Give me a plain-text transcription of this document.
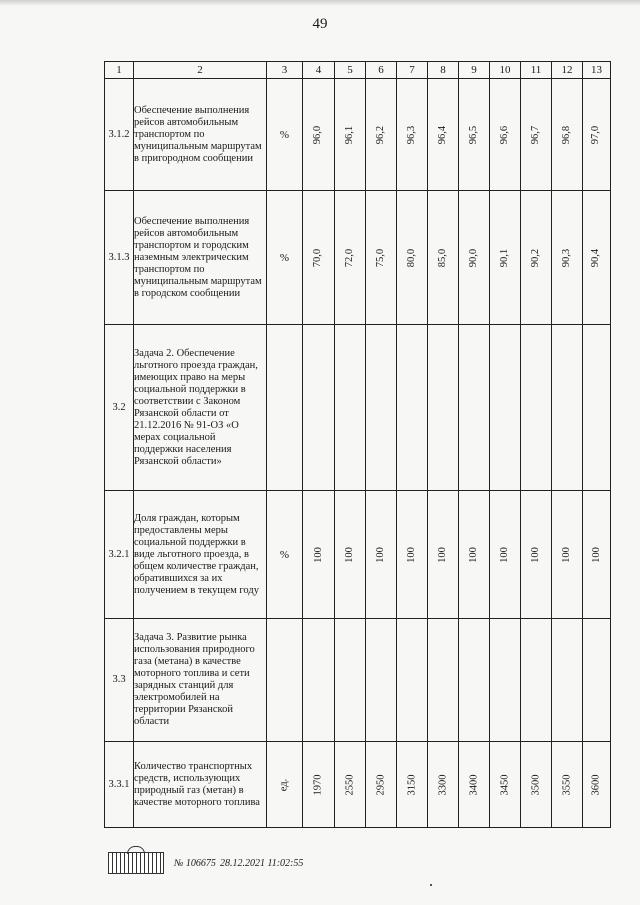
49
1	2	3	4	5	6	7	8	9	10	11	12	13
3.1.2	Обеспечение выполнения рейсов автомобильным транспортом по муниципальным маршрутам в пригородном сообщении	%	96,0	96,1	96,2	96,3	96,4	96,5	96,6	96,7	96,8	97,0
3.1.3	Обеспечение выполнения рейсов автомобильным транспортом и городским наземным электрическим транспортом по муниципальным маршрутам в городском сообщении	%	70,0	72,0	75,0	80,0	85,0	90,0	90,1	90,2	90,3	90,4
3.2	Задача 2. Обеспечение льготного проезда граждан, имеющих право на меры социальной поддержки в соответствии с Законом Рязанской области от 21.12.2016 № 91-ОЗ «О мерах социальной поддержки населения Рязанской области»											
3.2.1	Доля граждан, которым предоставлены меры социальной поддержки в виде льготного проезда, в общем количестве граждан, обратившихся за их получением в текущем году	%	100	100	100	100	100	100	100	100	100	100
3.3	Задача 3. Развитие рынка использования природного газа (метана) в качестве моторного топлива и сети зарядных станций для электромобилей на территории Рязанской области											
3.3.1	Количество транспортных средств, использующих природный газ (метан) в качестве моторного топлива	ед.	1970	2550	2950	3150	3300	3400	3450	3500	3550	3600
№ 106675 28.12.2021 11:02:55
